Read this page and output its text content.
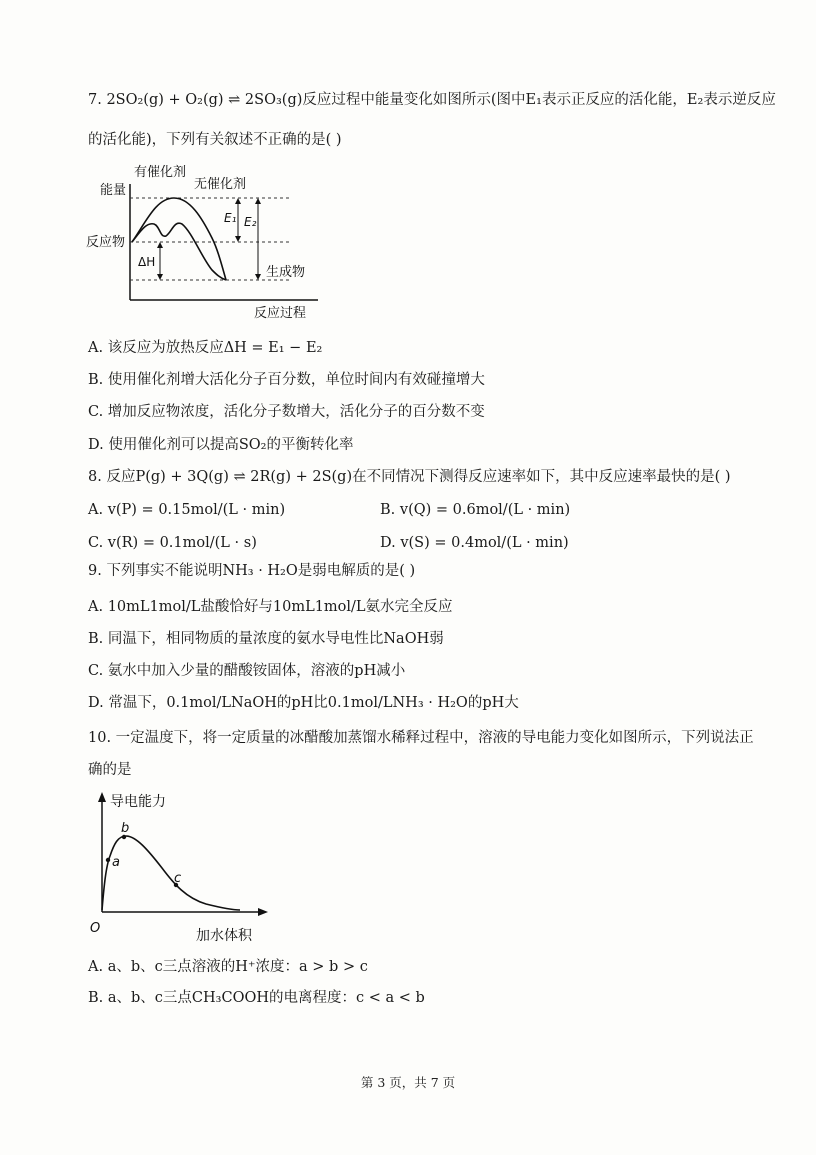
7. 2SO₂(g) + O₂(g) ⇌ 2SO₃(g)反应过程中能量变化如图所示(图中E₁表示正反应的活化能，E₂表示逆反应
的活化能)，下列有关叙述不正确的是( )
有催化剂
无催化剂
能量
反应物
E₁ E₂
ΔH
生成物
反应过程
A. 该反应为放热反应ΔH = E₁ − E₂
B. 使用催化剂增大活化分子百分数，单位时间内有效碰撞增大
C. 增加反应物浓度，活化分子数增大，活化分子的百分数不变
D. 使用催化剂可以提高SO₂的平衡转化率
8. 反应P(g) + 3Q(g) ⇌ 2R(g) + 2S(g)在不同情况下测得反应速率如下，其中反应速率最快的是( )
A. v(P) = 0.15mol/(L · min)	B. v(Q) = 0.6mol/(L · min)
C. v(R) = 0.1mol/(L · s)	D. v(S) = 0.4mol/(L · min)
9. 下列事实不能说明NH₃ · H₂O是弱电解质的是( )
A. 10mL1mol/L盐酸恰好与10mL1mol/L氨水完全反应
B. 同温下，相同物质的量浓度的氨水导电性比NaOH弱
C. 氨水中加入少量的醋酸铵固体，溶液的pH减小
D. 常温下，0.1mol/LNaOH的pH比0.1mol/LNH₃ · H₂O的pH大
10. 一定温度下，将一定质量的冰醋酸加蒸馏水稀释过程中，溶液的导电能力变化如图所示，下列说法正
确的是
导电能力
b
a
c
O	加水体积
A. a、b、c三点溶液的H⁺浓度：a > b > c
B. a、b、c三点CH₃COOH的电离程度：c < a < b
第 3 页，共 7 页
